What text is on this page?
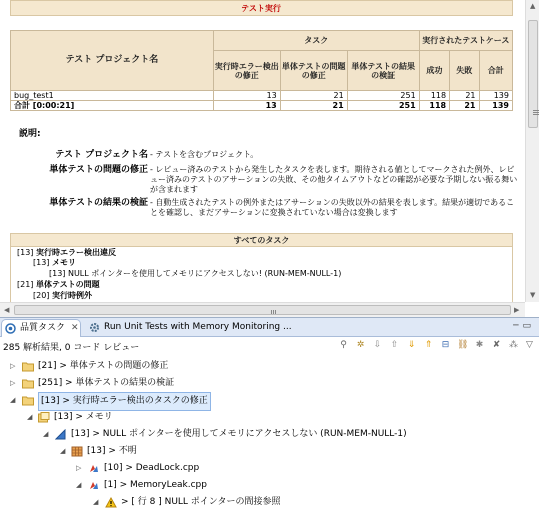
テスト実行
テスト プロジェクト名	タスク			実行されたテストケース		
	実行時エラー検出の修正	単体テストの問題の修正	単体テストの結果の検証	成功	失敗	合計
bug_test1	13	21	251	118	21	139
合計 [0:00:21]	13	21	251	118	21	139
説明:
テスト プロジェクト名 - テストを含むプロジェクト。
単体テストの問題の修正 - レビュー済みのテストから発生したタスクを表します。期待される値としてマークされた例外、レビュー済みのテストのアサーションの失敗、その他タイムアウトなどの確認が必要な予期しない振る舞いが含まれます
単体テストの結果の検証 - 自動生成されたテストの例外またはアサーションの失敗以外の結果を表します。結果が適切であることを確認し、まだアサーションに変換されていない場合は変換します
すべてのタスク
[13] 実行時エラー検出違反
[13] メモリ
[13] NULL ポインターを使用してメモリにアクセスしない! (RUN-MEM-NULL-1)
[21] 単体テストの問題
[20] 実行時例外
▲
▼
◀	▶
品質タスク ✕	Run Unit Tests with Memory Monitoring ...	─▭
285 解析結果, 0 コード レビュー	⚲ ✲ ⇩ ⇧ ⇓ ⇑ ⊟ ⛓ ✱ ✘ ⁂ ▽
▷	[21] > 単体テストの問題の修正
▷	[251] > 単体テストの結果の検証
◢	[13] > 実行時エラー検出のタスクの修正
◢ [13] > メモリ
◢	[13] > NULL ポインターを使用してメモリにアクセスしない (RUN-MEM-NULL-1)
◢ [13] > 不明
▷	[10] > DeadLock.cpp
◢	[1] > MemoryLeak.cpp
◢	> [ 行 8 ] NULL ポインターの間接参照
